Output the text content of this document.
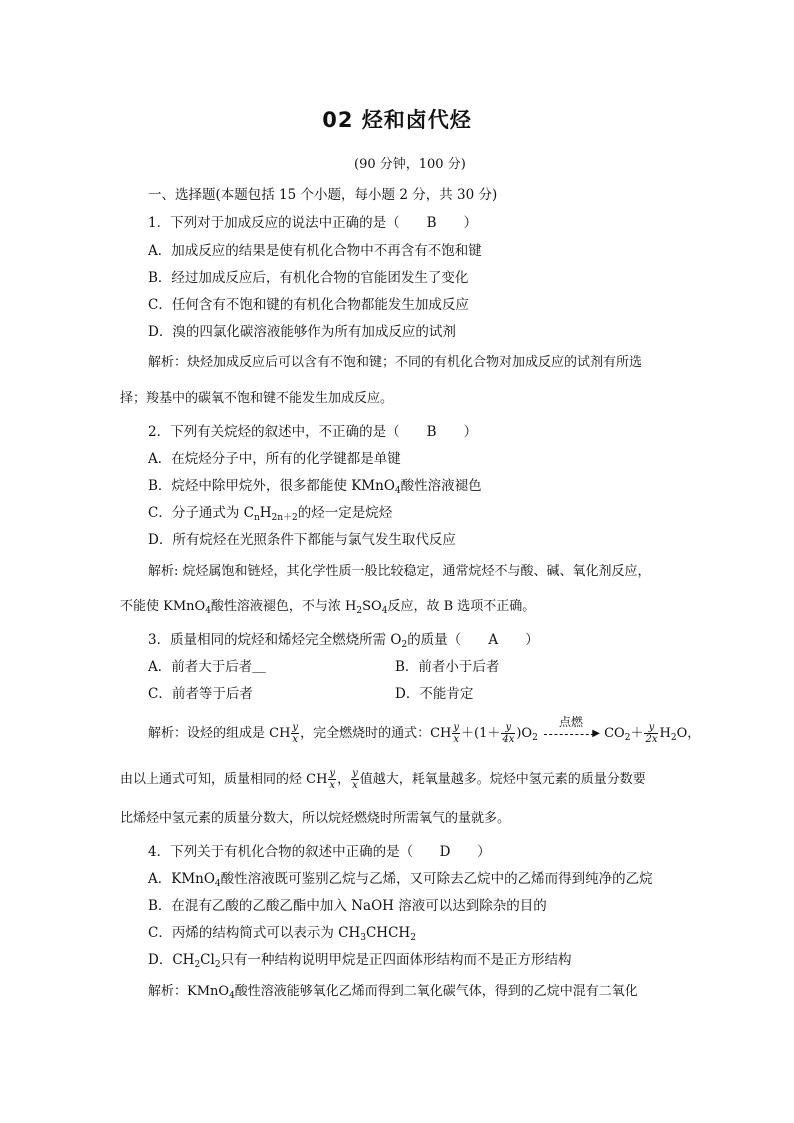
02 烃和卤代烃
(90 分钟，100 分)
一、选择题(本题包括 15 个小题，每小题 2 分，共 30 分)
1．下列对于加成反应的说法中正确的是（ B ）
A．加成反应的结果是使有机化合物中不再含有不饱和键
B．经过加成反应后，有机化合物的官能团发生了变化
C．任何含有不饱和键的有机化合物都能发生加成反应
D．溴的四氯化碳溶液能够作为所有加成反应的试剂
解析：炔烃加成反应后可以含有不饱和键；不同的有机化合物对加成反应的试剂有所选
择；羧基中的碳氧不饱和键不能发生加成反应。
2．下列有关烷烃的叙述中，不正确的是（ B ）
A．在烷烃分子中，所有的化学键都是单键
B．烷烃中除甲烷外，很多都能使 KMnO$_4$酸性溶液褪色
C．分子通式为 $C_nH_{2n+2}$的烃一定是烷烃
D．所有烷烃在光照条件下都能与氯气发生取代反应
解析: 烷烃属饱和链烃，其化学性质一般比较稳定，通常烷烃不与酸、碱、氧化剂反应，
不能使 KMnO$_4$酸性溶液褪色，不与浓 $H_2SO_4$反应，故 B 选项不正确。
3．质量相同的烷烃和烯烃完全燃烧所需 $O_2$的质量（ A ）
A．前者大于后者＿	B．前者小于后者
C．前者等于后者	D．不能肯定
解析：设烃的组成是 CH $\frac{y}{x}$ ，完全燃烧时的通式：CH $\frac{y}{x} +(1+ \frac{y}{4x} )O_2$
点燃
▶ $CO_2+ \frac{y}{2x} H_2O$，
由以上通式可知，质量相同的烃 CH $\frac{y}{x}$ ， $\frac{y}{x}$ 值越大，耗氧量越多。烷烃中氢元素的质量分数要
比烯烃中氢元素的质量分数大，所以烷烃燃烧时所需氧气的量就多。
4．下列关于有机化合物的叙述中正确的是（ D ）
A．KMnO$_4$酸性溶液既可鉴别乙烷与乙烯，又可除去乙烷中的乙烯而得到纯净的乙烷
B．在混有乙酸的乙酸乙酯中加入 NaOH 溶液可以达到除杂的目的
C．丙烯的结构简式可以表示为 $CH_3CHCH_2$
D．$CH_2Cl_2$只有一种结构说明甲烷是正四面体形结构而不是正方形结构
解析：KMnO$_4$酸性溶液能够氧化乙烯而得到二氧化碳气体，得到的乙烷中混有二氧化
